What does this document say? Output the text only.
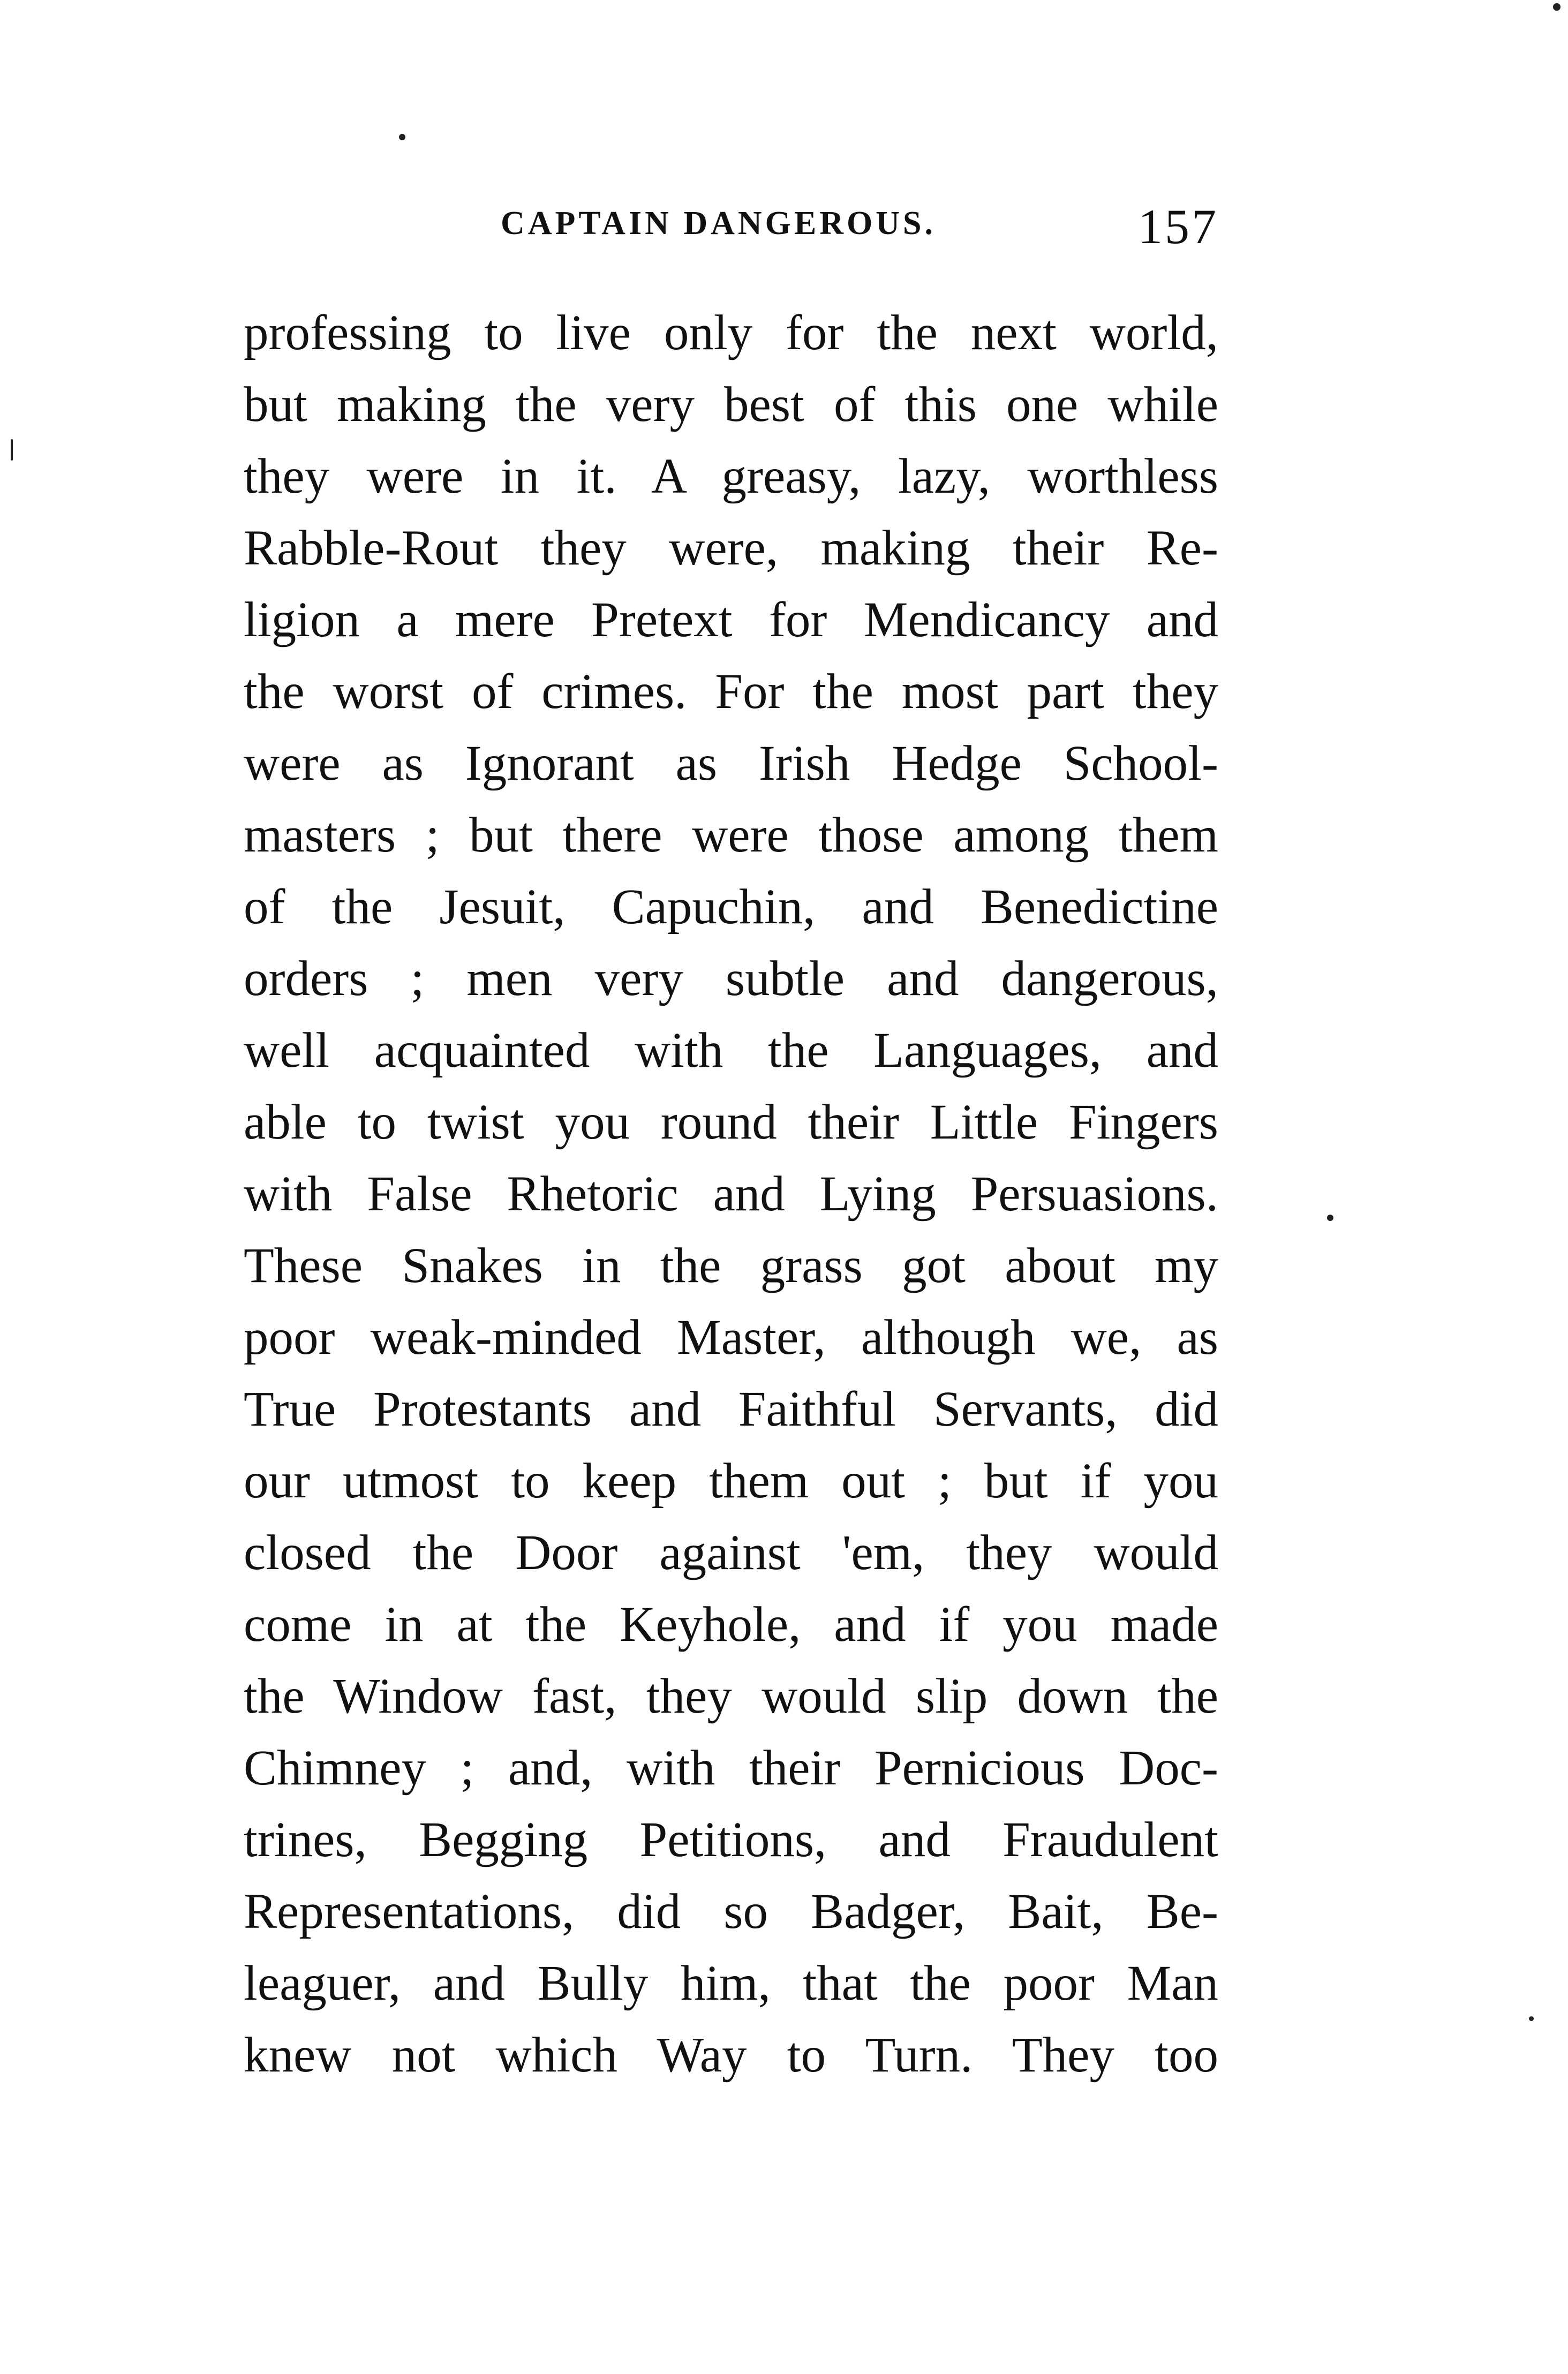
CAPTAIN DANGEROUS.	157
professing to live only for the next world,
but making the very best of this one while
they were in it. A greasy, lazy, worthless
Rabble-Rout they were, making their Re-
ligion a mere Pretext for Mendicancy and
the worst of crimes. For the most part they
were as Ignorant as Irish Hedge School-
masters ; but there were those among them
of the Jesuit, Capuchin, and Benedictine
orders ; men very subtle and dangerous,
well acquainted with the Languages, and
able to twist you round their Little Fingers
with False Rhetoric and Lying Persuasions.
These Snakes in the grass got about my
poor weak-minded Master, although we, as
True Protestants and Faithful Servants, did
our utmost to keep them out ; but if you
closed the Door against 'em, they would
come in at the Keyhole, and if you made
the Window fast, they would slip down the
Chimney ; and, with their Pernicious Doc-
trines, Begging Petitions, and Fraudulent
Representations, did so Badger, Bait, Be-
leaguer, and Bully him, that the poor Man
knew not which Way to Turn. They too
